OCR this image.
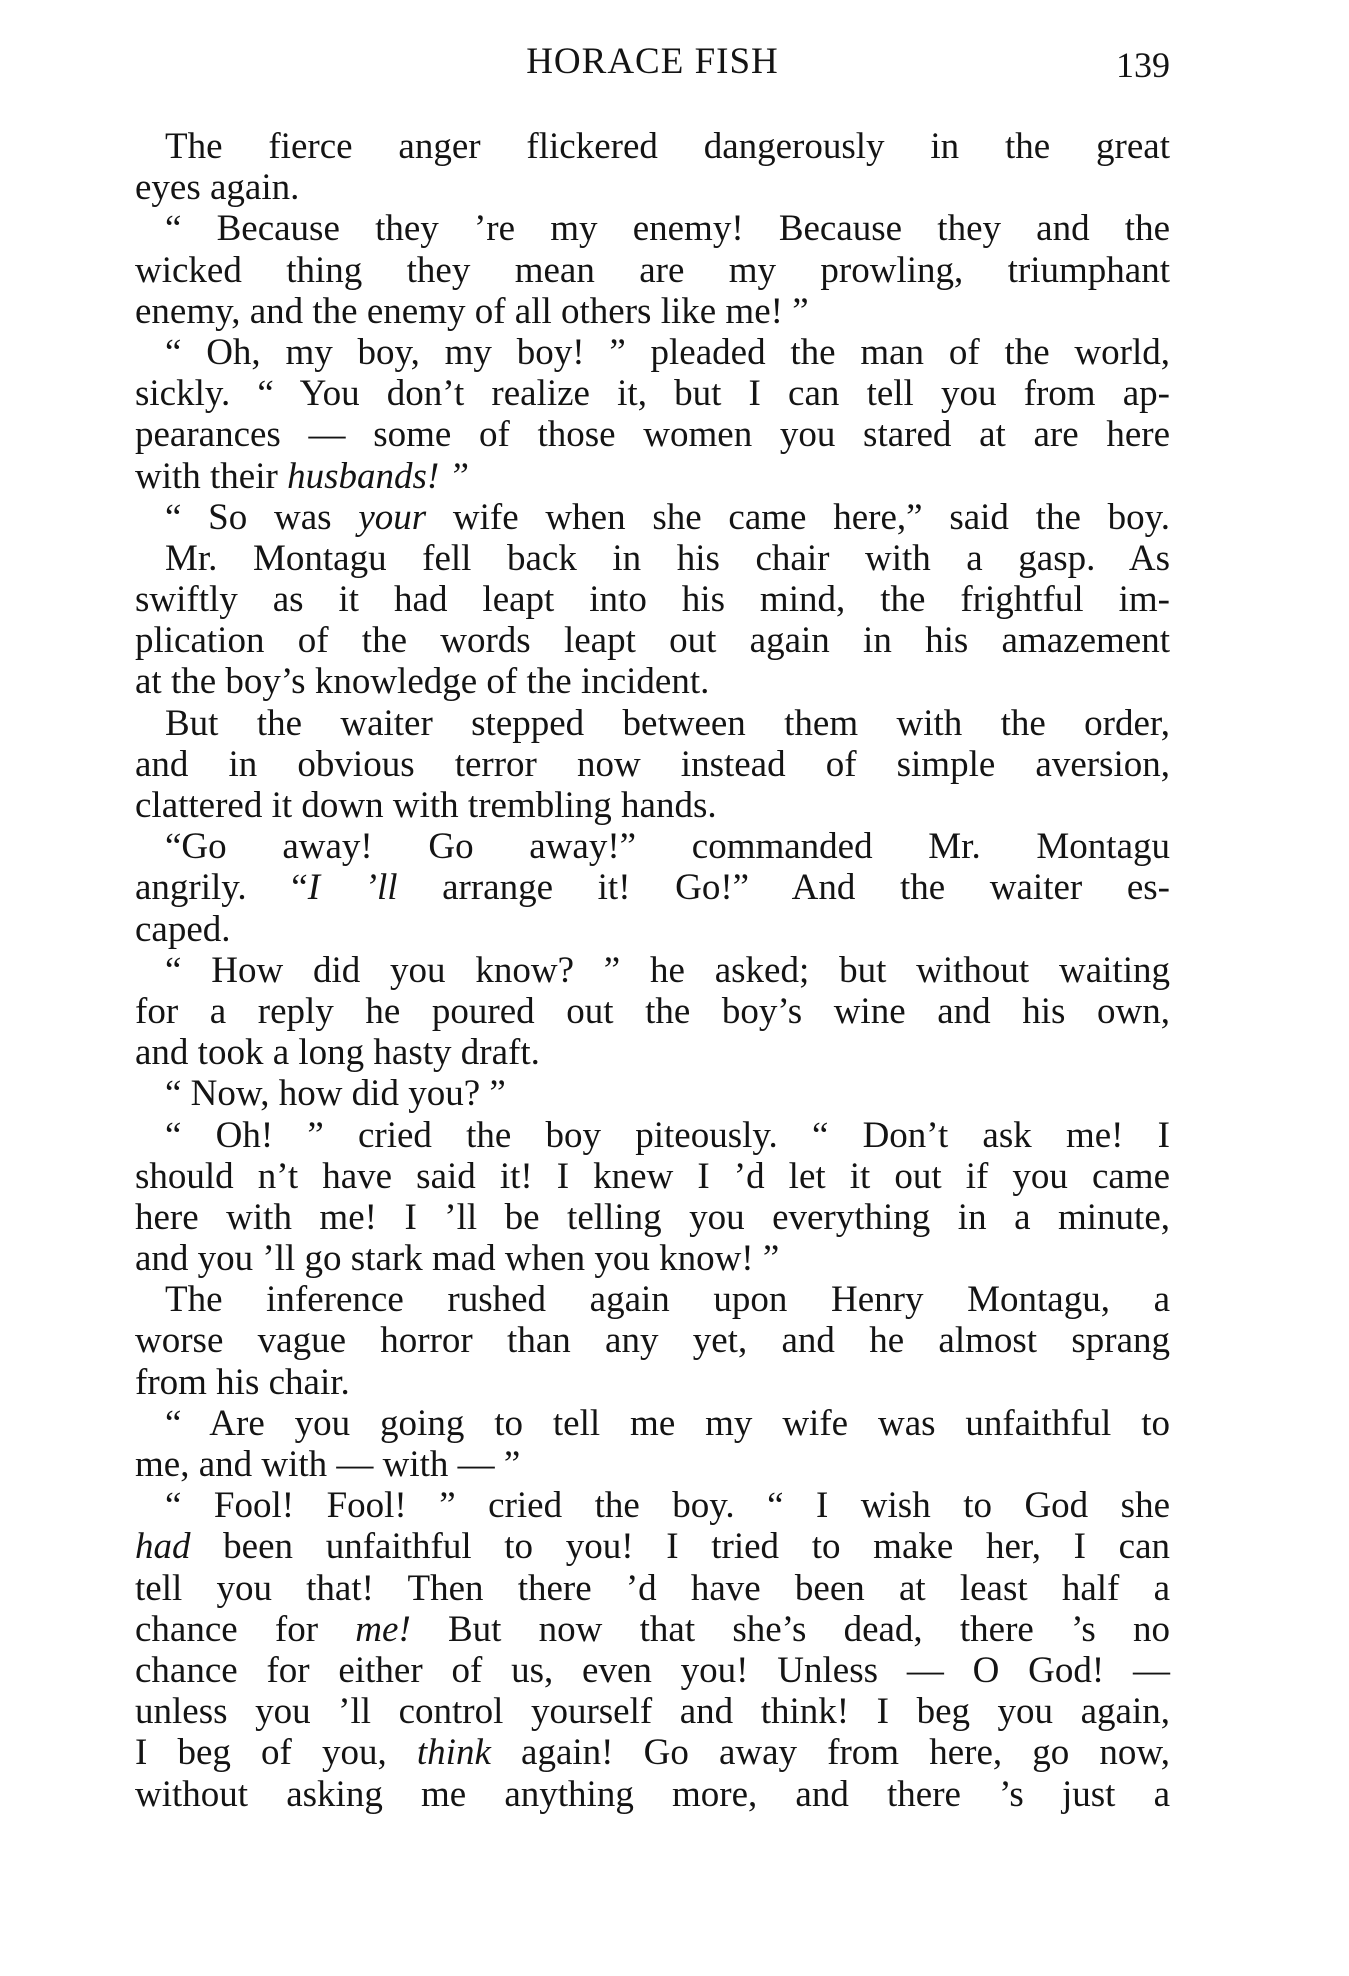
HORACE FISH	139
The fierce anger flickered dangerously in the great
eyes again.
“ Because they ’re my enemy! Because they and the
wicked thing they mean are my prowling, triumphant
enemy, and the enemy of all others like me! ”
“ Oh, my boy, my boy! ” pleaded the man of the world,
sickly. “ You don’t realize it, but I can tell you from ap-
pearances — some of those women you stared at are here
with their husbands! ”
“ So was your wife when she came here,” said the boy.
Mr. Montagu fell back in his chair with a gasp. As
swiftly as it had leapt into his mind, the frightful im-
plication of the words leapt out again in his amazement
at the boy’s knowledge of the incident.
But the waiter stepped between them with the order,
and in obvious terror now instead of simple aversion,
clattered it down with trembling hands.
“Go away! Go away!” commanded Mr. Montagu
angrily. “I ’ll arrange it! Go!” And the waiter es-
caped.
“ How did you know? ” he asked; but without waiting
for a reply he poured out the boy’s wine and his own,
and took a long hasty draft.
“ Now, how did you? ”
“ Oh! ” cried the boy piteously. “ Don’t ask me! I
should n’t have said it! I knew I ’d let it out if you came
here with me! I ’ll be telling you everything in a minute,
and you ’ll go stark mad when you know! ”
The inference rushed again upon Henry Montagu, a
worse vague horror than any yet, and he almost sprang
from his chair.
“ Are you going to tell me my wife was unfaithful to
me, and with — with — ”
“ Fool! Fool! ” cried the boy. “ I wish to God she
had been unfaithful to you! I tried to make her, I can
tell you that! Then there ’d have been at least half a
chance for me! But now that she’s dead, there ’s no
chance for either of us, even you! Unless — O God! —
unless you ’ll control yourself and think! I beg you again,
I beg of you, think again! Go away from here, go now,
without asking me anything more, and there ’s just a
